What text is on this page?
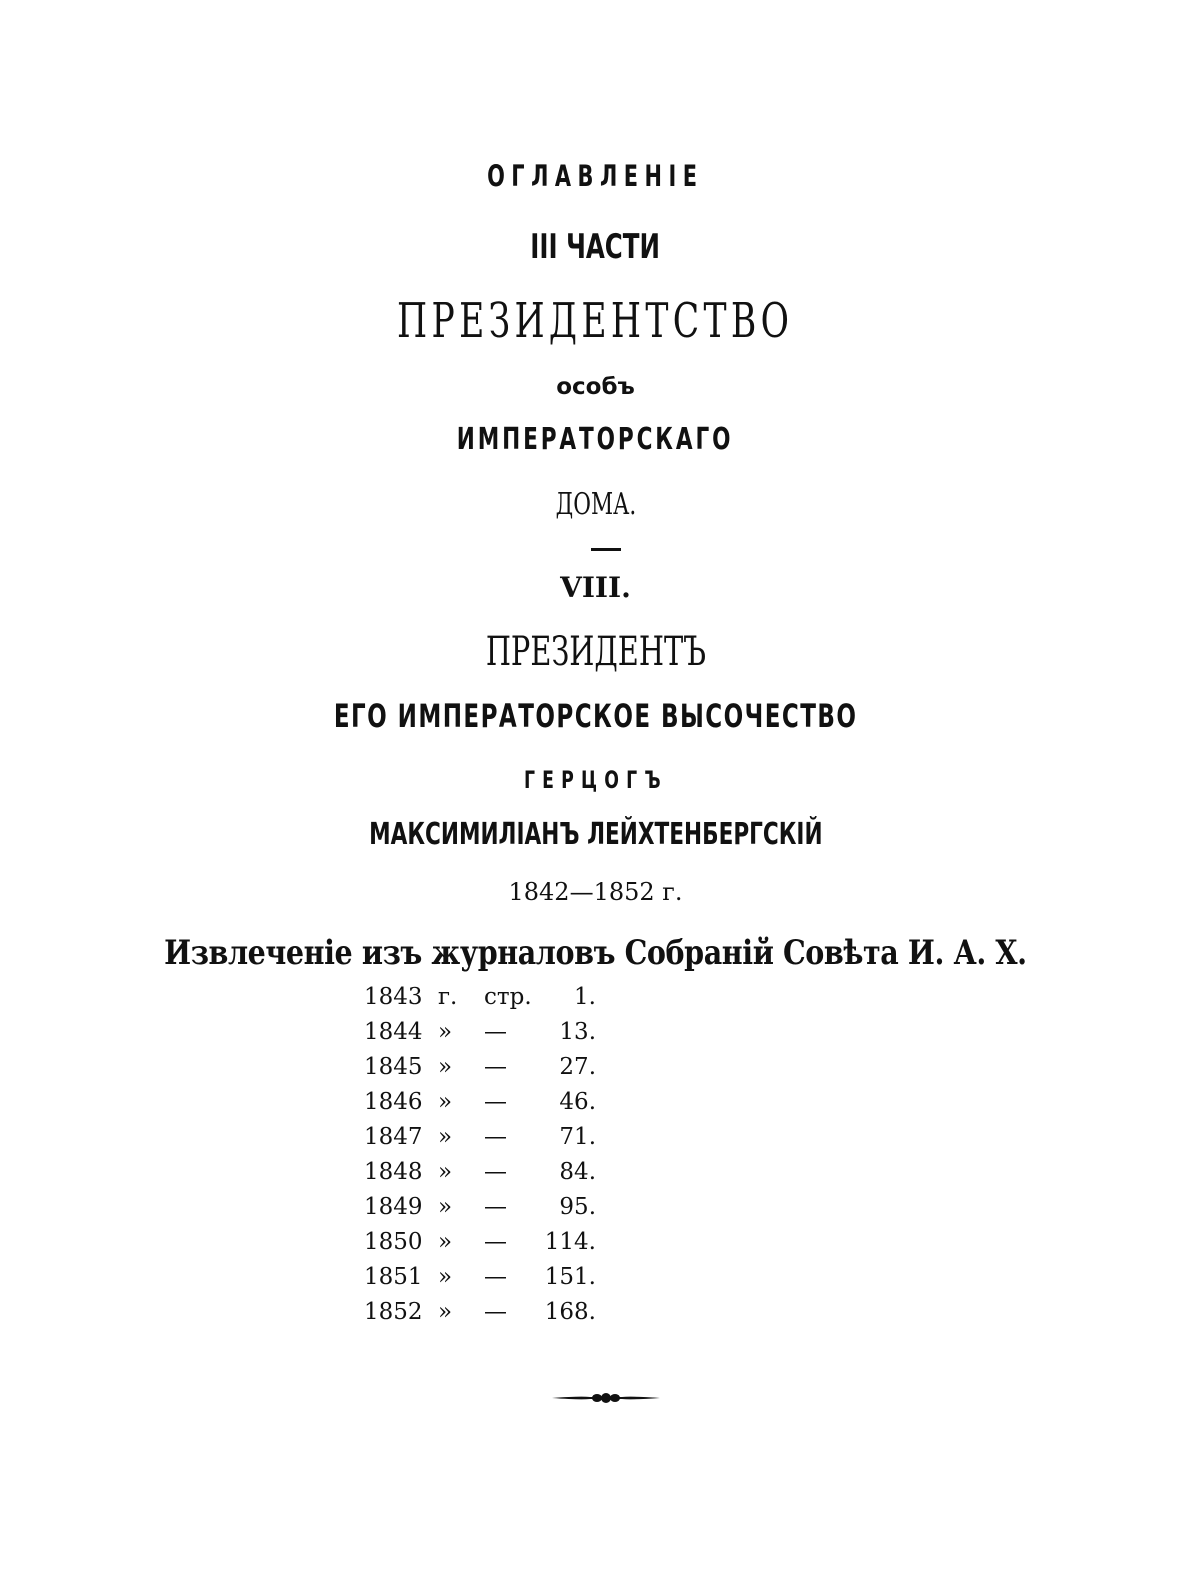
ОГЛАВЛЕНІЕ
III ЧАСТИ
ПРЕЗИДЕНТСТВО
особъ
ИМПЕРАТОРСКАГО
ДОМА.
VIII.
ПРЕЗИДЕНТЪ
ЕГО ИМПЕРАТОРСКОЕ ВЫСОЧЕСТВО
ГЕРЦОГЪ
МАКСИМИЛІАНЪ ЛЕЙХТЕНБЕРГСКІЙ
1842—1852 г.
Извлеченіе изъ журналовъ Собраній Совѣта И. А. Х.
1843 г. стр.	1.
1844 »	—	13.
1845 »	—	27.
1846 »	—	46.
1847 »	—	71.
1848 »	—	84.
1849 »	—	95.
1850 »	—	114.
1851 »	—	151.
1852 »	—	168.
